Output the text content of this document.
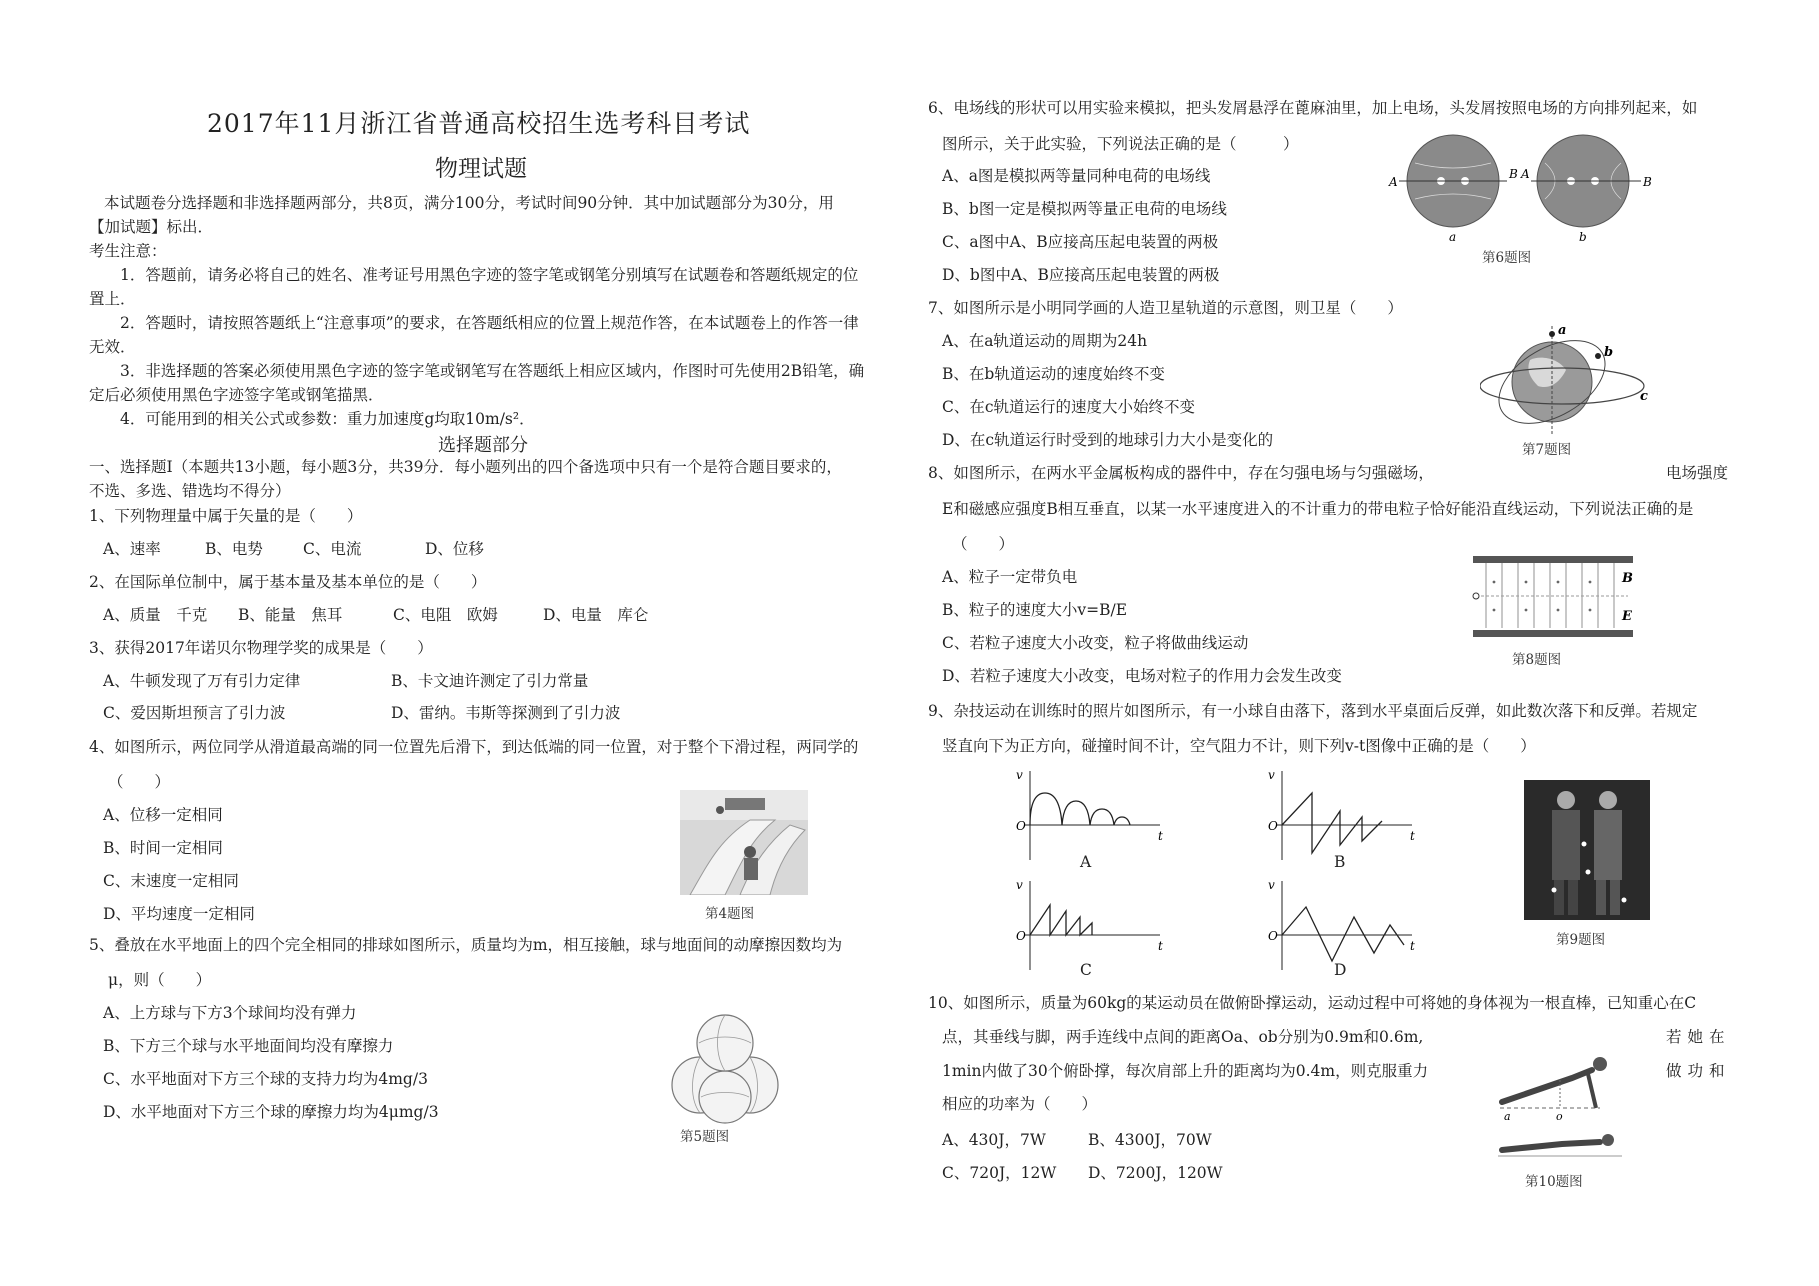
2017年11月浙江省普通高校招生选考科目考试
物理试题
本试题卷分选择题和非选择题两部分，共8页，满分100分，考试时间90分钟．其中加试题部分为30分，用
【加试题】标出．
考生注意：
1．答题前，请务必将自己的姓名、准考证号用黑色字迹的签字笔或钢笔分别填写在试题卷和答题纸规定的位
置上．
2．答题时，请按照答题纸上“注意事项”的要求，在答题纸相应的位置上规范作答，在本试题卷上的作答一律
无效．
3．非选择题的答案必须使用黑色字迹的签字笔或钢笔写在答题纸上相应区域内，作图时可先使用2B铅笔，确
定后必须使用黑色字迹签字笔或钢笔描黑．
4．可能用到的相关公式或参数：重力加速度g均取10m/s²．
选择题部分
一、选择题Ⅰ（本题共13小题，每小题3分，共39分．每小题列出的四个备选项中只有一个是符合题目要求的，
不选、多选、错选均不得分）
1、下列物理量中属于矢量的是（　　）
A、速率	B、电势	C、电流	D、位移
2、在国际单位制中，属于基本量及基本单位的是（　　）
A、质量　千克 B、能量　焦耳	C、电阻　欧姆	D、电量　库仑
3、获得2017年诺贝尔物理学奖的成果是（　　）
A、牛顿发现了万有引力定律	B、卡文迪许测定了引力常量
C、爱因斯坦预言了引力波	D、雷纳。韦斯等探测到了引力波
4、如图所示，两位同学从滑道最高端的同一位置先后滑下，到达低端的同一位置，对于整个下滑过程，两同学的
（　　）
A、位移一定相同
B、时间一定相同
C、末速度一定相同
D、平均速度一定相同	第4题图
5、叠放在水平地面上的四个完全相同的排球如图所示，质量均为m，相互接触，球与地面间的动摩擦因数均为
μ，则（　　）
A、上方球与下方3个球间均没有弹力
B、下方三个球与水平地面间均没有摩擦力
C、水平地面对下方三个球的支持力均为4mg/3
D、水平地面对下方三个球的摩擦力均为4μmg/3
第5题图
6、电场线的形状可以用实验来模拟，把头发屑悬浮在蓖麻油里，加上电场，头发屑按照电场的方向排列起来，如
图所示，关于此实验，下列说法正确的是（　　　）
A、a图是模拟两等量同种电荷的电场线
B、b图一定是模拟两等量正电荷的电场线
C、a图中A、B应接高压起电装置的两极
D、b图中A、B应接高压起电装置的两极
A
B A
B
a	b
第6题图
7、如图所示是小明同学画的人造卫星轨道的示意图，则卫星（　　）
A、在a轨道运动的周期为24h
B、在b轨道运动的速度始终不变
C、在c轨道运行的速度大小始终不变
D、在c轨道运行时受到的地球引力大小是变化的
a
b
c
第7题图
8、如图所示，在两水平金属板构成的器件中，存在匀强电场与匀强磁场，	电场强度
E和磁感应强度B相互垂直，以某一水平速度进入的不计重力的带电粒子恰好能沿直线运动，下列说法正确的是
（　　）
A、粒子一定带负电
B、粒子的速度大小v=B/E
C、若粒子速度大小改变，粒子将做曲线运动
D、若粒子速度大小改变，电场对粒子的作用力会发生改变
B
E
第8题图
9、杂技运动在训练时的照片如图所示，有一小球自由落下，落到水平桌面后反弹，如此数次落下和反弹。若规定
竖直向下为正方向，碰撞时间不计，空气阻力不计，则下列v-t图像中正确的是（　　）
v
t
O
A
v
t
O
B
v
t
O
C
v
t
O
D
第9题图
10、如图所示，质量为60kg的某运动员在做俯卧撑运动，运动过程中可将她的身体视为一根直棒，已知重心在C
点，其垂线与脚，两手连线中点间的距离Oa、ob分别为0.9m和0.6m,	若她在
1min内做了30个俯卧撑，每次肩部上升的距离均为0.4m，则克服重力	做功和
相应的功率为（　　）
A、430J，7W	B、4300J，70W
C、720J，12W D、7200J，120W
a	o
第10题图
